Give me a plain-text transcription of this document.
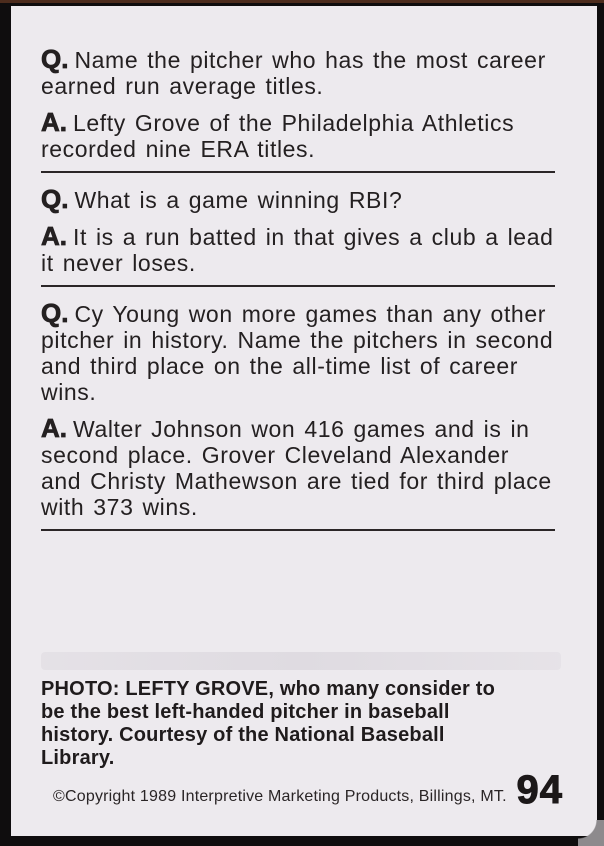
Q. Name the pitcher who has the most career earned run average titles.

A. Lefty Grove of the Philadelphia Athletics recorded nine ERA titles.

Q. What is a game winning RBI?

A. It is a run batted in that gives a club a lead it never loses.

Q. Cy Young won more games than any other pitcher in history. Name the pitchers in second and third place on the all-time list of career wins.

A. Walter Johnson won 416 games and is in second place. Grover Cleveland Alexander and Christy Mathewson are tied for third place with 373 wins.

PHOTO: LEFTY GROVE, who many consider to be the best left-handed pitcher in baseball history. Courtesy of the National Baseball Library.
©Copyright 1989 Interpretive Marketing Products, Billings, MT. 94
